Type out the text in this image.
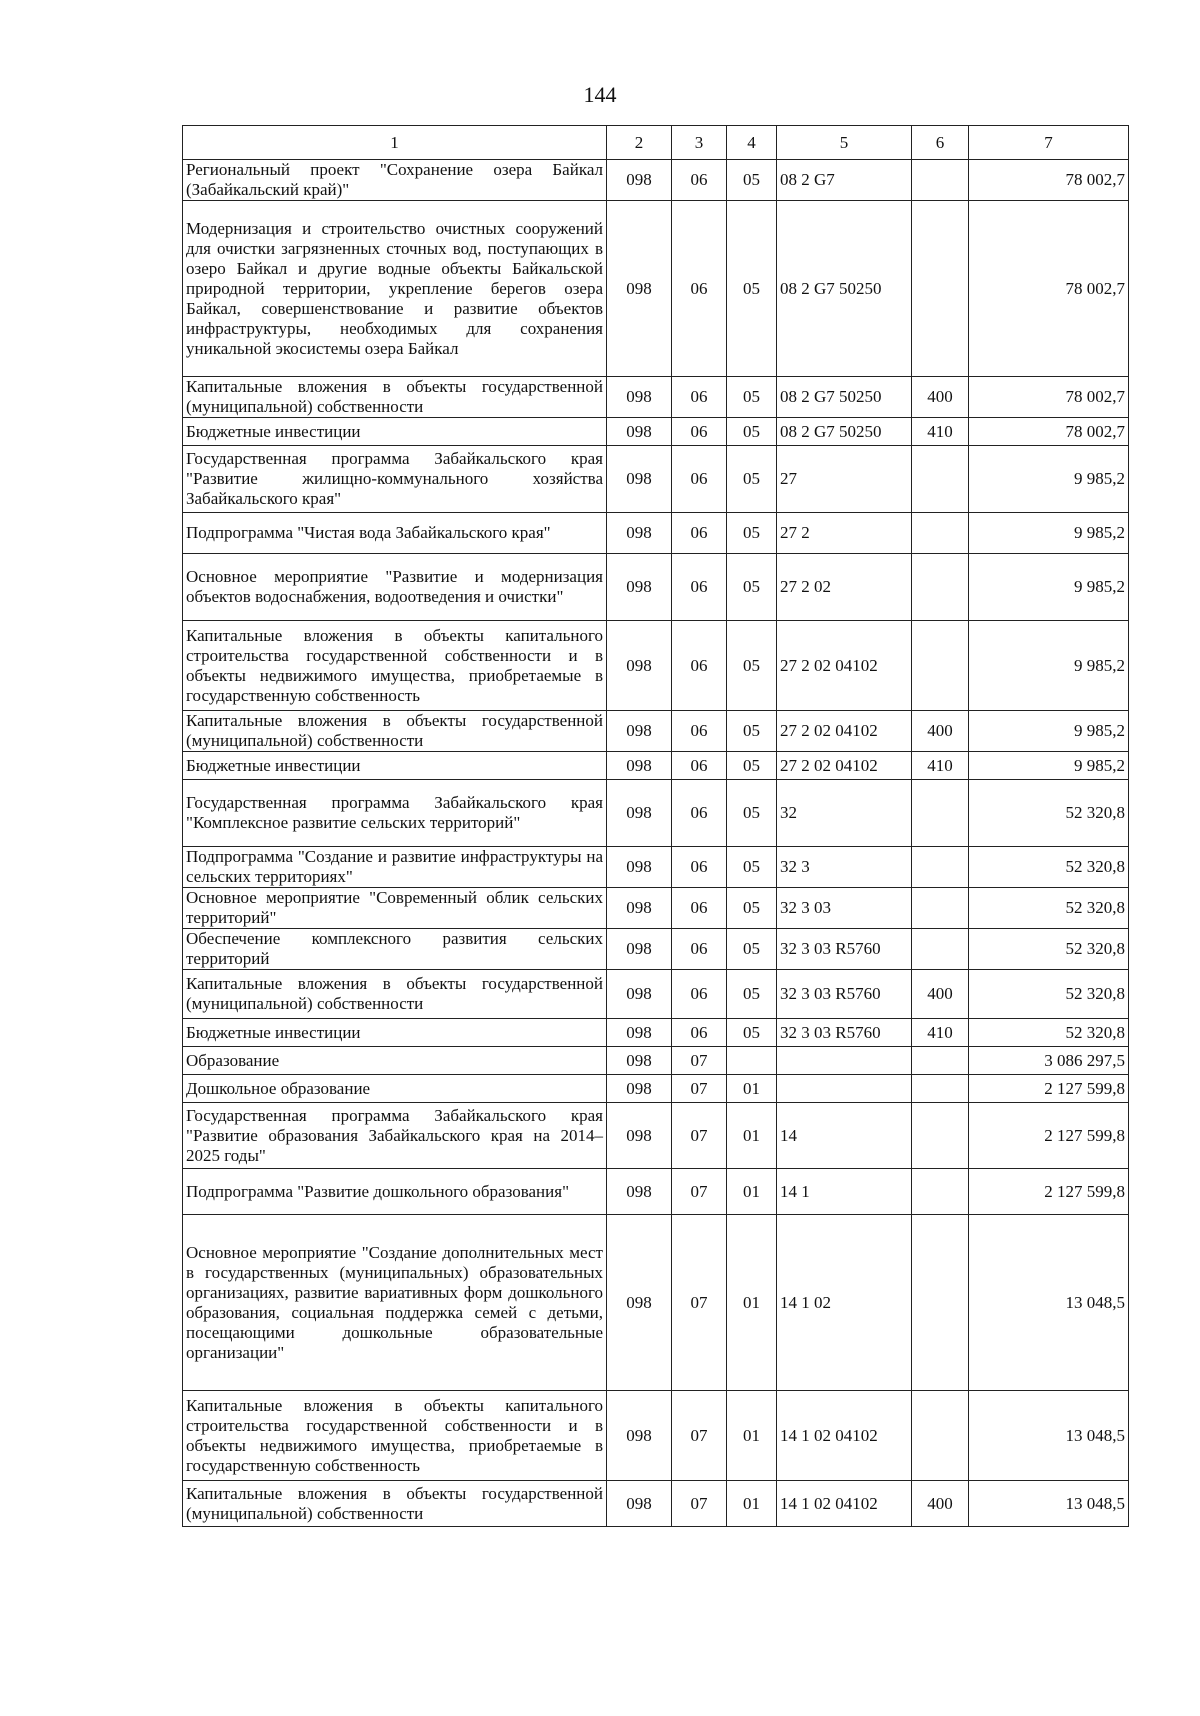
144
1	2	3	4	5	6	7
Региональный проект "Сохранение озера Байкал (Забайкальский край)"	098	06	05	08 2 G7		78 002,7
Модернизация и строительство очистных сооружений для очистки загрязненных сточных вод, поступающих в озеро Байкал и другие водные объекты Байкальской природной территории, укрепление берегов озера Байкал, совершенствование и развитие объектов инфраструктуры, необходимых для сохранения уникальной экосистемы озера Байкал	098	06	05	08 2 G7 50250		78 002,7
Капитальные вложения в объекты государственной (муниципальной) собственности	098	06	05	08 2 G7 50250	400	78 002,7
Бюджетные инвестиции	098	06	05	08 2 G7 50250	410	78 002,7
Государственная программа Забайкальского края "Развитие жилищно-коммунального хозяйства Забайкальского края"	098	06	05	27		9 985,2
Подпрограмма "Чистая вода Забайкальского края"	098	06	05	27 2		9 985,2
Основное мероприятие "Развитие и модернизация объектов водоснабжения, водоотведения и очистки"	098	06	05	27 2 02		9 985,2
Капитальные вложения в объекты капитального строительства государственной собственности и в объекты недвижимого имущества, приобретаемые в государственную собственность	098	06	05	27 2 02 04102		9 985,2
Капитальные вложения в объекты государственной (муниципальной) собственности	098	06	05	27 2 02 04102	400	9 985,2
Бюджетные инвестиции	098	06	05	27 2 02 04102	410	9 985,2
Государственная программа Забайкальского края "Комплексное развитие сельских территорий"	098	06	05	32		52 320,8
Подпрограмма "Создание и развитие инфраструктуры на сельских территориях"	098	06	05	32 3		52 320,8
Основное мероприятие "Современный облик сельских территорий"	098	06	05	32 3 03		52 320,8
Обеспечение комплексного развития сельских территорий	098	06	05	32 3 03 R5760		52 320,8
Капитальные вложения в объекты государственной (муниципальной) собственности	098	06	05	32 3 03 R5760	400	52 320,8
Бюджетные инвестиции	098	06	05	32 3 03 R5760	410	52 320,8
Образование	098	07				3 086 297,5
Дошкольное образование	098	07	01			2 127 599,8
Государственная программа Забайкальского края "Развитие образования Забайкальского края на 2014–2025 годы"	098	07	01	14		2 127 599,8
Подпрограмма "Развитие дошкольного образования"	098	07	01	14 1		2 127 599,8
Основное мероприятие "Создание дополнительных мест в государственных (муниципальных) образовательных организациях, развитие вариативных форм дошкольного образования, социальная поддержка семей с детьми, посещающими дошкольные образовательные организации"	098	07	01	14 1 02		13 048,5
Капитальные вложения в объекты капитального строительства государственной собственности и в объекты недвижимого имущества, приобретаемые в государственную собственность	098	07	01	14 1 02 04102		13 048,5
Капитальные вложения в объекты государственной (муниципальной) собственности	098	07	01	14 1 02 04102	400	13 048,5
